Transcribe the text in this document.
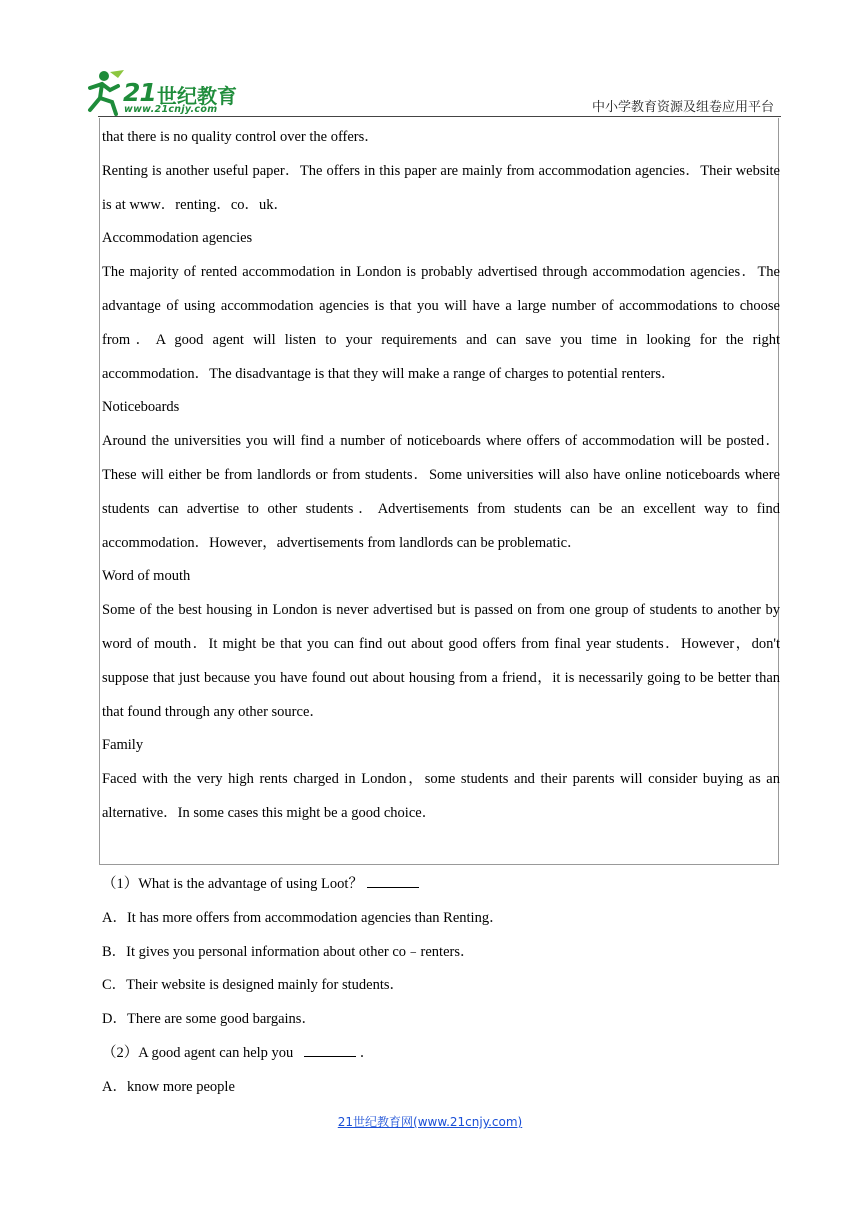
21 世纪教育
www.21cnjy.com	中小学教育资源及组卷应用平台

that there is no quality control over the offers．

Renting is another useful paper．The offers in this paper are mainly from accommodation agencies．Their website is at www．renting．co．uk．

Accommodation agencies

The majority of rented accommodation in London is probably advertised through accommodation agencies．The advantage of using accommodation agencies is that you will have a large number of accommodations to choose from．A good agent will listen to your requirements and can save you time in looking for the right accommodation．The disadvantage is that they will make a range of charges to potential renters．

Noticeboards

Around the universities you will find a number of noticeboards where offers of accommodation will be posted．These will either be from landlords or from students．Some universities will also have online noticeboards where students can advertise to other students．Advertisements from students can be an excellent way to find accommodation．However，advertisements from landlords can be problematic．

Word of mouth

Some of the best housing in London is never advertised but is passed on from one group of students to another by word of mouth．It might be that you can find out about good offers from final year students．However，don't suppose that just because you have found out about housing from a friend，it is necessarily going to be better than that found through any other source．

Family

Faced with the very high rents charged in London，some students and their parents will consider buying as an alternative．In some cases this might be a good choice．

（1）What is the advantage of using Loot？

A．It has more offers from accommodation agencies than Renting．

B．It gives you personal information about other co﹣renters．

C．Their website is designed mainly for students．

D．There are some good bargains．

（2）A good agent can help you	．

A．know more people

21世纪教育网(www.21cnjy.com)
